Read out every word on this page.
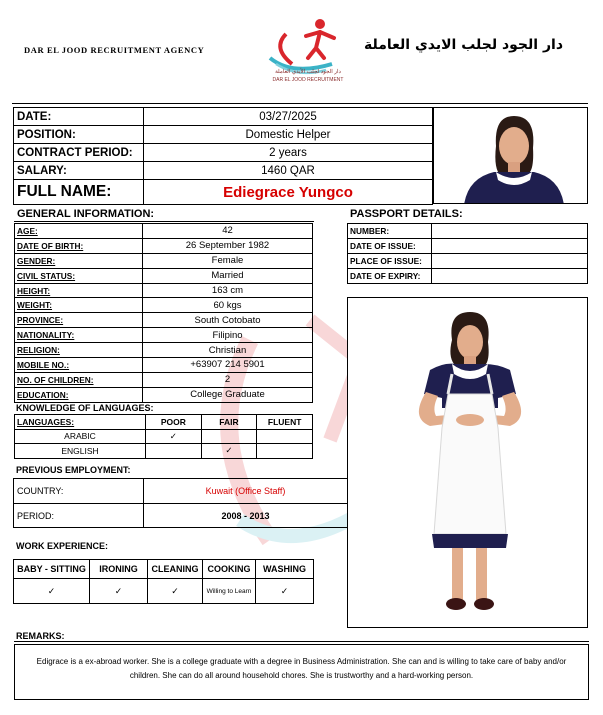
DAR EL JOOD RECRUITMENT AGENCY
دار الجود لجلب الأيدي العاملة
DAR EL JOOD RECRUITMENT
دار الجود لجلب الايدي العاملة
DATE:	03/27/2025
POSITION:	Domestic Helper
CONTRACT PERIOD:	2 years
SALARY:	1460 QAR
FULL NAME:	Ediegrace Yungco
GENERAL INFORMATION:	PASSPORT DETAILS:
AGE:	42
DATE OF BIRTH:	26 September 1982
GENDER:	Female
CIVIL STATUS:	Married
HEIGHT:	163 cm
WEIGHT:	60 kgs
PROVINCE:	South Cotobato
NATIONALITY:	Filipino
RELIGION:	Christian
MOBILE NO.:	+63907 214 5901
NO. OF CHILDREN:	2
EDUCATION:	College Graduate
NUMBER:	
DATE OF ISSUE:	
PLACE OF ISSUE:	
DATE OF EXPIRY:	
KNOWLEDGE OF LANGUAGES:
LANGUAGES:	POOR	FAIR	FLUENT
ARABIC	✓		
ENGLISH		✓	
PREVIOUS EMPLOYMENT:
COUNTRY:	Kuwait (Office Staff)
PERIOD:	2008 - 2013
WORK EXPERIENCE:
BABY - SITTING	IRONING	CLEANING	COOKING	WASHING
✓	✓	✓	Willing to Learn	✓
REMARKS:
Edigrace is a ex-abroad worker. She is a college graduate with a degree in Business Administration. She can and is willing to take care of baby and/or children. She can do all around household chores. She is trustworthy and a hard-working person.
